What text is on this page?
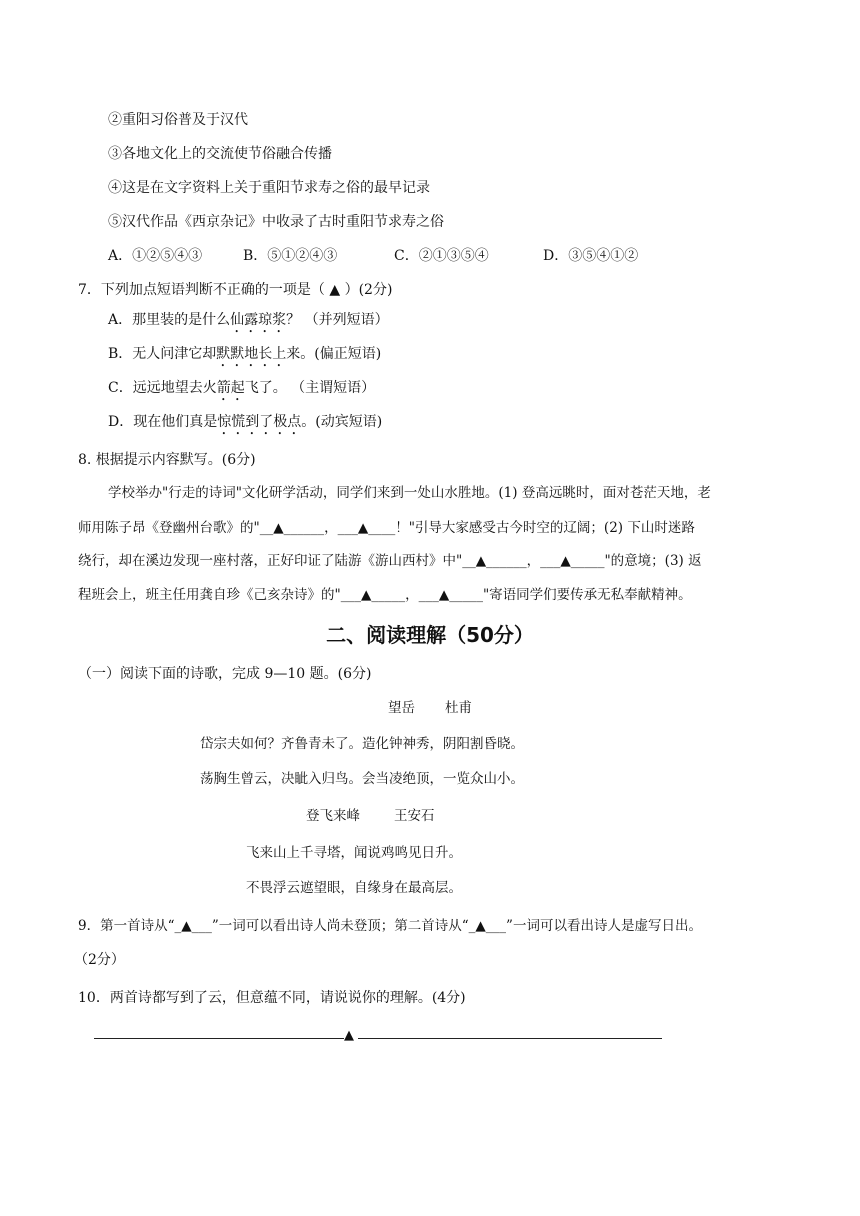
②重阳习俗普及于汉代
③各地文化上的交流使节俗融合传播
④这是在文字资料上关于重阳节求寿之俗的最早记录
⑤汉代作品《西京杂记》中收录了古时重阳节求寿之俗
A．①②⑤④③	B．⑤①②④③	C．②①③⑤④	D．③⑤④①②
7．下列加点短语判断不正确的一项是（ ▲ ）(2分)
A．那里装的是什么仙露琼浆？ （并列短语）
B．无人问津它却默默地长上来。(偏正短语)
C．远远地望去火箭起飞了。 （主谓短语）
D．现在他们真是惊慌到了极点。(动宾短语)
8. 根据提示内容默写。(6分)
学校举办"行走的诗词"文化研学活动，同学们来到一处山水胜地。(1) 登高远眺时，面对苍茫天地，老
师用陈子昂《登幽州台歌》的"__▲______，___▲____！"引导大家感受古今时空的辽阔；(2) 下山时迷路
绕行，却在溪边发现一座村落，正好印证了陆游《游山西村》中"__▲______，___▲_____"的意境；(3) 返
程班会上，班主任用龚自珍《己亥杂诗》的"___▲_____，___▲_____"寄语同学们要传承无私奉献精神。
二、阅读理解（50分）
（一）阅读下面的诗歌，完成 9—10 题。(6分)
望岳 杜甫
岱宗夫如何？齐鲁青未了。造化钟神秀，阴阳割昏晓。
荡胸生曾云，决眦入归鸟。会当凌绝顶，一览众山小。
登飞来峰	王安石
飞来山上千寻塔，闻说鸡鸣见日升。
不畏浮云遮望眼，自缘身在最高层。
9．第一首诗从“_▲___”一词可以看出诗人尚未登顶；第二首诗从“_▲___”一词可以看出诗人是虚写日出。
（2分）
10．两首诗都写到了云，但意蕴不同，请说说你的理解。(4分)
▲
